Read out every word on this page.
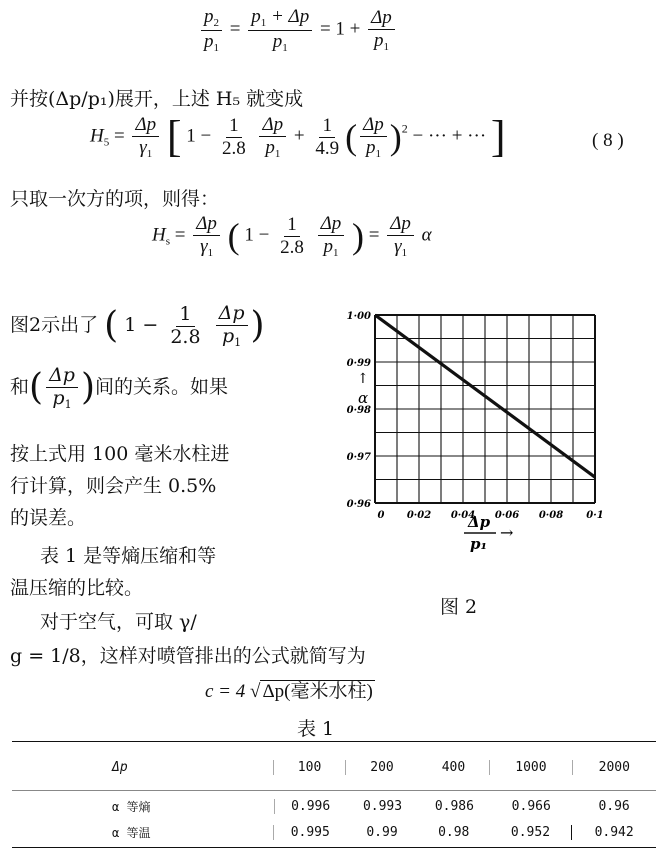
$\frac{p_2}{p_1} = \frac{p_1 + \Delta p}{p_1} = 1 + \frac{\Delta p}{p_1}$
并按(Δp/p₁)展开，上述 H₅ 就变成
$H_5 = \frac{\Delta p}{\gamma_1}$ [ $1 - \frac{1}{2.8}$
$\frac{\Delta p}{p_1} + \frac{1}{4.9}$ ( $\frac{\Delta p}{p_1} )^2$ − ··· + ··· ]	( 8 )
只取一次方的项，则得：
$H_s = \frac{\Delta p}{\gamma_1}$ ( $1 - \frac{1}{2.8}$
$\frac{\Delta p}{p_1}$ ) = $\frac{\Delta p}{\gamma_1}$ α
图2示出了 ( $1 - \frac{1}{2.8}$
$\frac{\Delta p}{p_1}$ )
和( $\frac{\Delta p}{p_1}$ )间的关系。如果
按上式用 100 毫米水柱进
行计算，则会产生 0.5%
的误差。
表 1 是等熵压缩和等
温压缩的比较。
对于空气，可取 γ/
g = 1/8，这样对喷管排出的公式就简写为
1·00
0·99
0·98
0·97
0·96
0 0·02 0·04 0·06 0·08 0·1
↑
α
Δp
p₁
→
图 2
c = 4 √ Δp(毫米水柱)
表 1
Δp	100	200	400	1000	2000
α 等熵	0.996	0.993	0.986	0.966	0.96
α 等温	0.995	0.99	0.98	0.952	0.942
